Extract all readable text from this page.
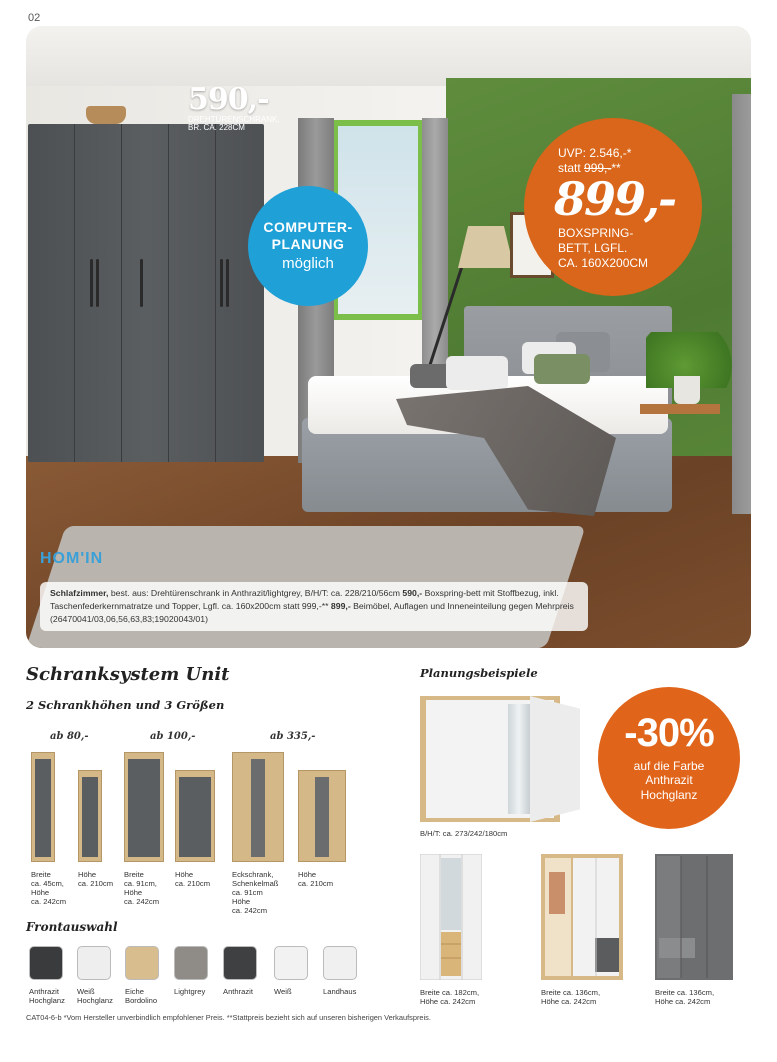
02
590,-
DREHTÜRENSCHRANK,
BR. CA. 228CM
COMPUTER-
PLANUNG
möglich
UVP: 2.546,-*
statt 999,-**
899,-
BOXSPRING-
BETT, LGFL.
CA. 160X200CM
HOM'IN
Schlafzimmer, best. aus: Drehtürenschrank in Anthrazit/lightgrey, B/H/T: ca. 228/210/56cm 590,- Boxspring-bett mit Stoffbezug, inkl. Taschenfederkernmatratze und Topper, Lgfl. ca. 160x200cm statt 999,-** 899,- Beimöbel, Auflagen und Inneneinteilung gegen Mehrpreis (26470041/03,06,56,63,83;19020043/01)
Schranksystem Unit
2 Schrankhöhen und 3 Größen
ab 80,-	ab 100,-	ab 335,-
Breite
ca. 45cm,
Höhe
ca. 242cm
Höhe
ca. 210cm
Breite
ca. 91cm,
Höhe
ca. 242cm
Höhe
ca. 210cm
Eckschrank,
Schenkelmaß
ca. 91cm
Höhe
ca. 242cm
Höhe
ca. 210cm
Frontauswahl
Anthrazit
Hochglanz
Weiß
Hochglanz
Eiche
Bordolino
Lightgrey Anthrazit	Weiß	Landhaus
Planungsbeispiele
B/H/T: ca. 273/242/180cm
-30%
auf die Farbe
Anthrazit
Hochglanz
Breite ca. 182cm,
Höhe ca. 242cm
Breite ca. 136cm,
Höhe ca. 242cm
Breite ca. 136cm,
Höhe ca. 242cm
CAT04-6-b *Vom Hersteller unverbindlich empfohlener Preis. **Stattpreis bezieht sich auf unseren bisherigen Verkaufspreis.
